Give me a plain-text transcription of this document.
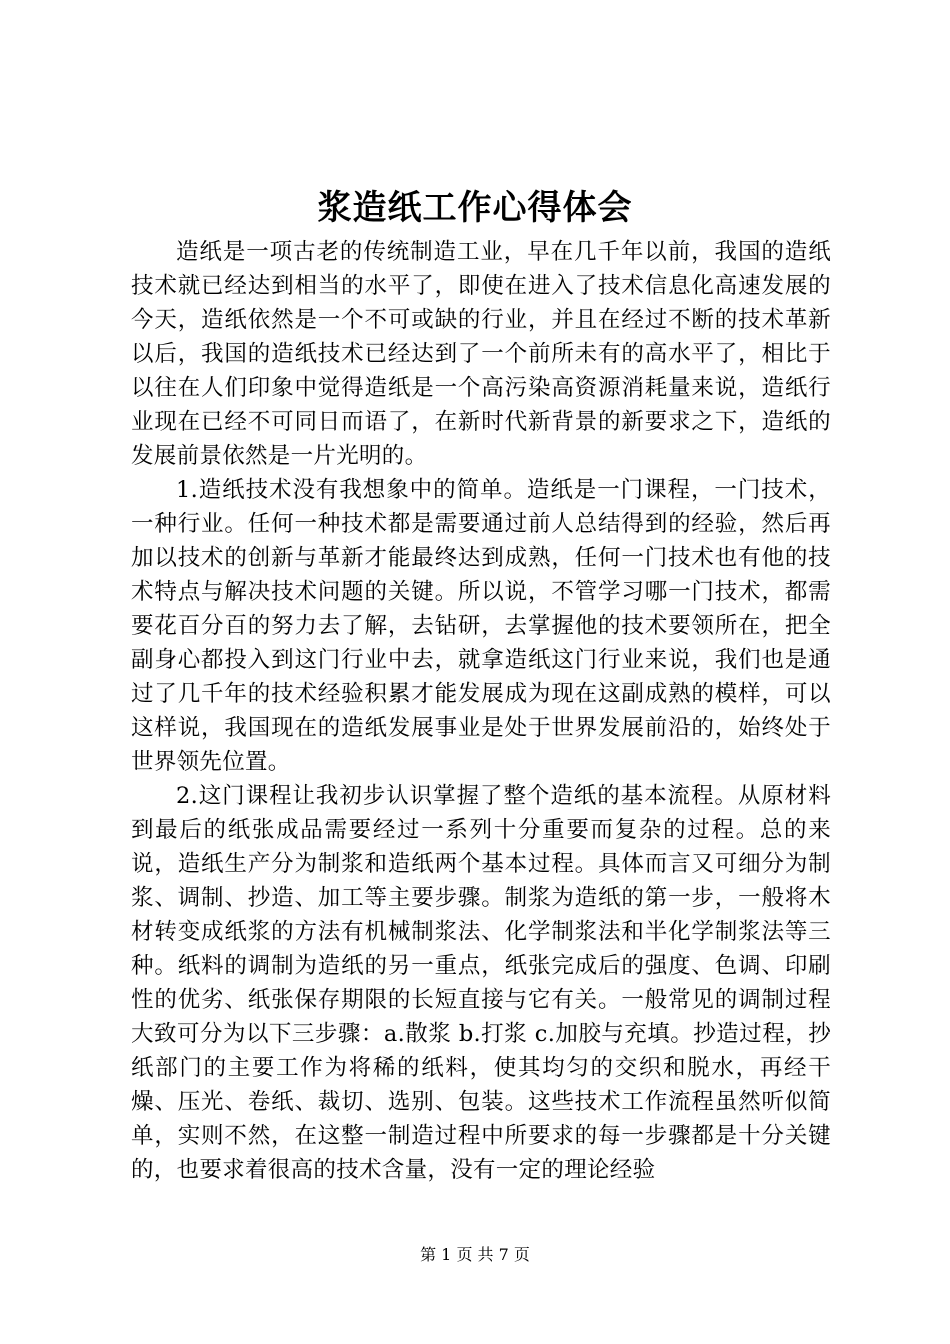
浆造纸工作心得体会

造纸是一项古老的传统制造工业，早在几千年以前，我国的造纸技术就已经达到相当的水平了，即使在进入了技术信息化高速发展的今天，造纸依然是一个不可或缺的行业，并且在经过不断的技术革新以后，我国的造纸技术已经达到了一个前所未有的高水平了，相比于以往在人们印象中觉得造纸是一个高污染高资源消耗量来说，造纸行业现在已经不可同日而语了，在新时代新背景的新要求之下，造纸的发展前景依然是一片光明的。

1.造纸技术没有我想象中的简单。造纸是一门课程，一门技术，一种行业。任何一种技术都是需要通过前人总结得到的经验，然后再加以技术的创新与革新才能最终达到成熟，任何一门技术也有他的技术特点与解决技术问题的关键。所以说，不管学习哪一门技术，都需要花百分百的努力去了解，去钻研，去掌握他的技术要领所在，把全副身心都投入到这门行业中去，就拿造纸这门行业来说，我们也是通过了几千年的技术经验积累才能发展成为现在这副成熟的模样，可以这样说，我国现在的造纸发展事业是处于世界发展前沿的，始终处于世界领先位置。

2.这门课程让我初步认识掌握了整个造纸的基本流程。从原材料到最后的纸张成品需要经过一系列十分重要而复杂的过程。总的来说，造纸生产分为制浆和造纸两个基本过程。具体而言又可细分为制浆、调制、抄造、加工等主要步骤。制浆为造纸的第一步，一般将木材转变成纸浆的方法有机械制浆法、化学制浆法和半化学制浆法等三种。纸料的调制为造纸的另一重点，纸张完成后的强度、色调、印刷性的优劣、纸张保存期限的长短直接与它有关。一般常见的调制过程大致可分为以下三步骤：a.散浆 b.打浆 c.加胶与充填。抄造过程，抄纸部门的主要工作为将稀的纸料，使其均匀的交织和脱水，再经干燥、压光、卷纸、裁切、选别、包装。这些技术工作流程虽然听似简单，实则不然，在这整一制造过程中所要求的每一步骤都是十分关键的，也要求着很高的技术含量，没有一定的理论经验

第 1 页 共 7 页
